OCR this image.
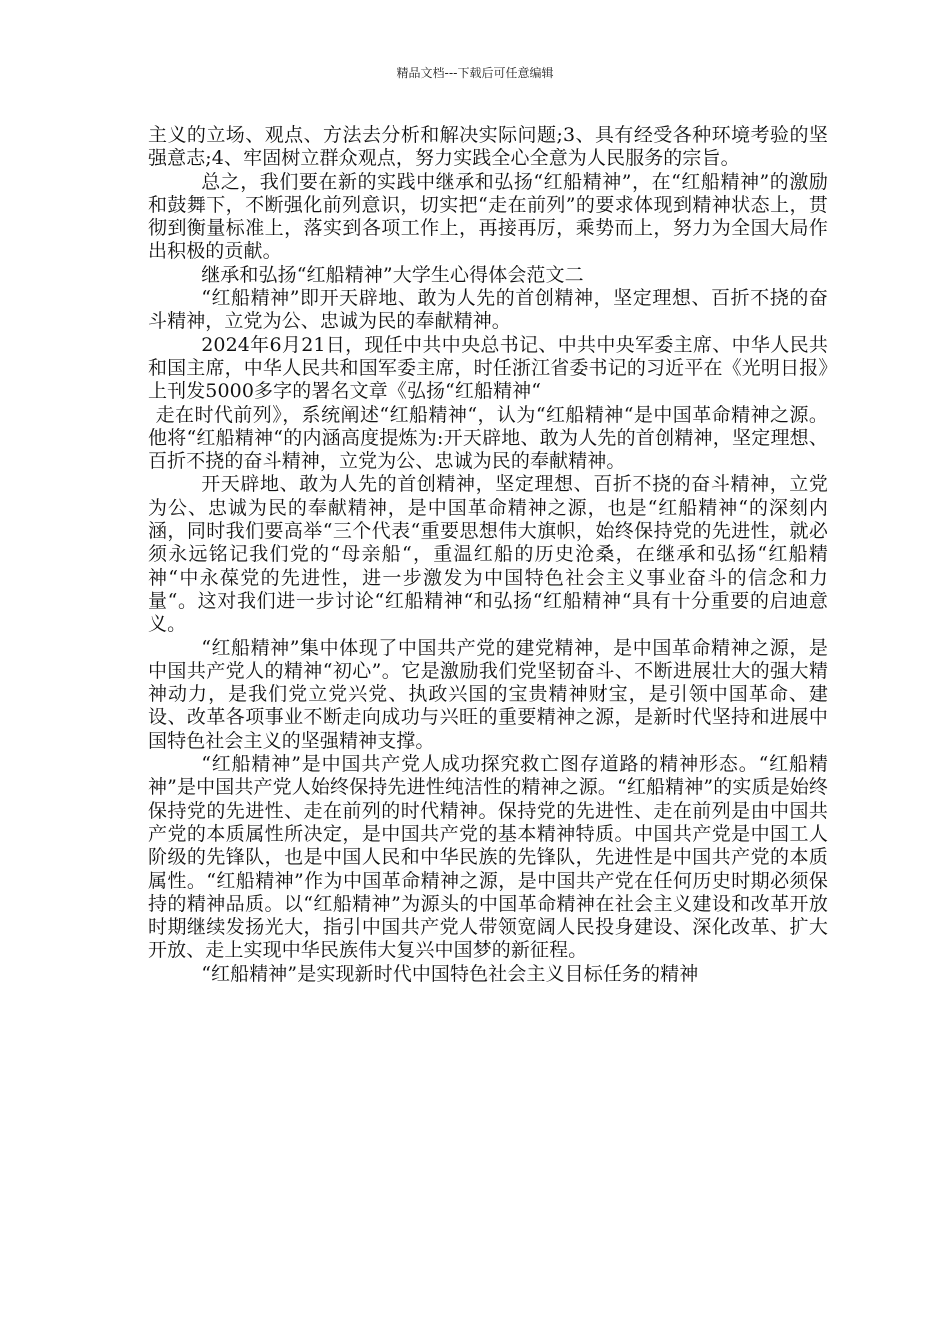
精品文档---下载后可任意编辑

主义的立场、观点、方法去分析和解决实际问题;3、具有经受各种环境考验的坚强意志;4、牢固树立群众观点，努力实践全心全意为人民服务的宗旨。

总之，我们要在新的实践中继承和弘扬“红船精神”，在“红船精神”的激励和鼓舞下，不断强化前列意识，切实把“走在前列”的要求体现到精神状态上，贯彻到衡量标准上，落实到各项工作上，再接再厉，乘势而上，努力为全国大局作出积极的贡献。

继承和弘扬“红船精神”大学生心得体会范文二

“红船精神”即开天辟地、敢为人先的首创精神，坚定理想、百折不挠的奋斗精神，立党为公、忠诚为民的奉献精神。

2024年6月21日，现任中共中央总书记、中共中央军委主席、中华人民共和国主席，中华人民共和国军委主席，时任浙江省委书记的习近平在《光明日报》上刊发5000多字的署名文章《弘扬“红船精神“

走在时代前列》，系统阐述“红船精神“，认为“红船精神“是中国革命精神之源。他将“红船精神“的内涵高度提炼为:开天辟地、敢为人先的首创精神，坚定理想、百折不挠的奋斗精神，立党为公、忠诚为民的奉献精神。

开天辟地、敢为人先的首创精神，坚定理想、百折不挠的奋斗精神，立党为公、忠诚为民的奉献精神，是中国革命精神之源，也是“红船精神“的深刻内涵，同时我们要高举“三个代表“重要思想伟大旗帜，始终保持党的先进性，就必须永远铭记我们党的“母亲船“，重温红船的历史沧桑，在继承和弘扬“红船精神“中永葆党的先进性，进一步激发为中国特色社会主义事业奋斗的信念和力量“。这对我们进一步讨论“红船精神“和弘扬“红船精神“具有十分重要的启迪意义。

“红船精神”集中体现了中国共产党的建党精神，是中国革命精神之源，是中国共产党人的精神“初心”。它是激励我们党坚韧奋斗、不断进展壮大的强大精神动力，是我们党立党兴党、执政兴国的宝贵精神财宝，是引领中国革命、建设、改革各项事业不断走向成功与兴旺的重要精神之源，是新时代坚持和进展中国特色社会主义的坚强精神支撑。

“红船精神”是中国共产党人成功探究救亡图存道路的精神形态。“红船精神”是中国共产党人始终保持先进性纯洁性的精神之源。“红船精神”的实质是始终保持党的先进性、走在前列的时代精神。保持党的先进性、走在前列是由中国共产党的本质属性所决定，是中国共产党的基本精神特质。中国共产党是中国工人阶级的先锋队，也是中国人民和中华民族的先锋队，先进性是中国共产党的本质属性。“红船精神”作为中国革命精神之源，是中国共产党在任何历史时期必须保持的精神品质。以“红船精神”为源头的中国革命精神在社会主义建设和改革开放时期继续发扬光大，指引中国共产党人带领宽阔人民投身建设、深化改革、扩大开放、走上实现中华民族伟大复兴中国梦的新征程。

“红船精神”是实现新时代中国特色社会主义目标任务的精神
